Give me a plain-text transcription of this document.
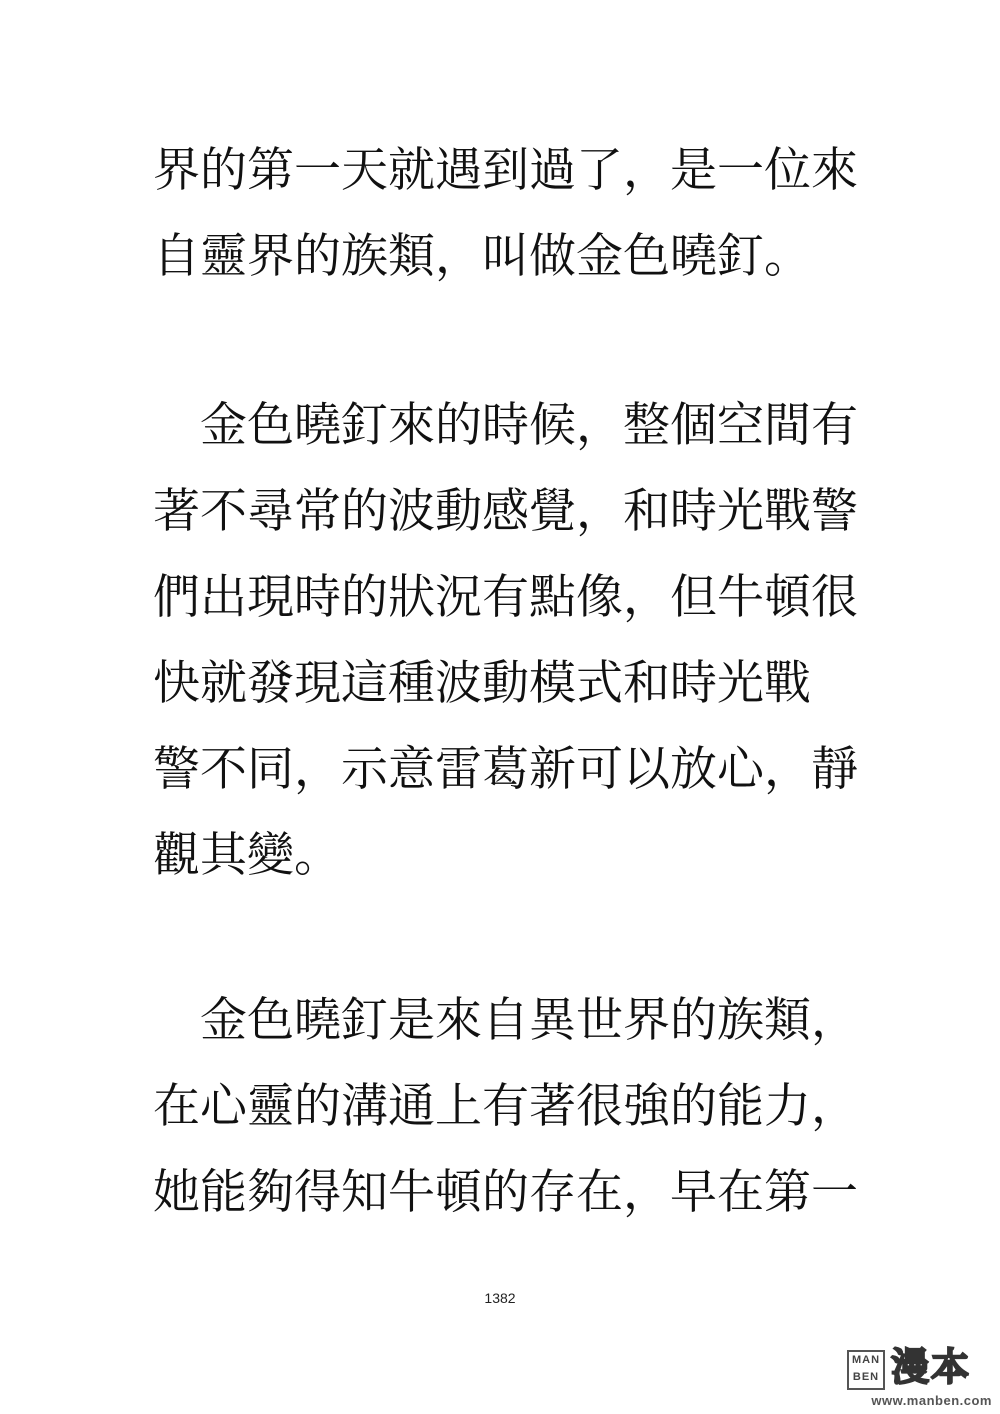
界的第一天就遇到過了，是一位來
自靈界的族類，叫做金色曉釘。
　金色曉釘來的時候，整個空間有
著不尋常的波動感覺，和時光戰警
們出現時的狀況有點像，但牛頓很
快就發現這種波動模式和時光戰
警不同，示意雷葛新可以放心，靜
觀其變。
　金色曉釘是來自異世界的族類，
在心靈的溝通上有著很強的能力，
她能夠得知牛頓的存在，早在第一
1382
MAN
BEN 漫本
www.manben.com
